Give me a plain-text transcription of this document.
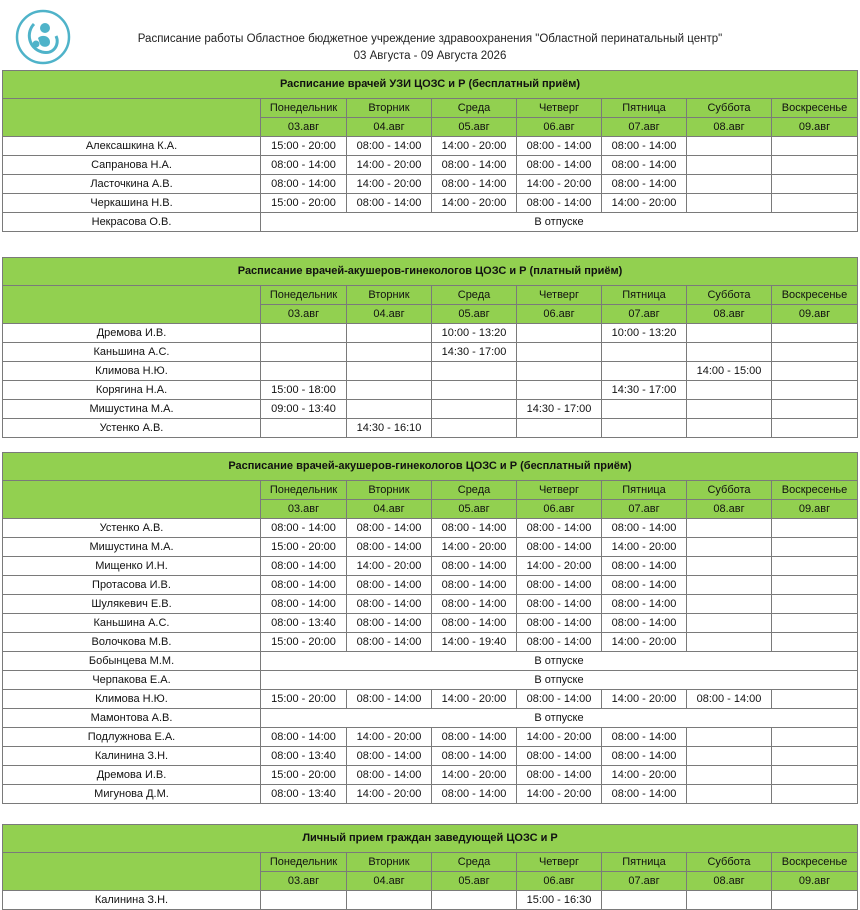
Расписание работы Областное бюджетное учреждение здравоохранения "Областной перинатальный центр"
03 Августа - 09 Августа 2026
Расписание врачей УЗИ ЦОЗС и Р (бесплатный приём)							
	Понедельник	Вторник	Среда	Четверг	Пятница	Суббота	Воскресенье
	03.авг	04.авг	05.авг	06.авг	07.авг	08.авг	09.авг
Алексашкина К.А.	15:00 - 20:00	08:00 - 14:00	14:00 - 20:00	08:00 - 14:00	08:00 - 14:00		
Сапранова Н.А.	08:00 - 14:00	14:00 - 20:00	08:00 - 14:00	08:00 - 14:00	08:00 - 14:00		
Ласточкина А.В.	08:00 - 14:00	14:00 - 20:00	08:00 - 14:00	14:00 - 20:00	08:00 - 14:00		
Черкашина Н.В.	15:00 - 20:00	08:00 - 14:00	14:00 - 20:00	08:00 - 14:00	14:00 - 20:00		
Некрасова О.В.	В отпуске						
Расписание врачей-акушеров-гинекологов ЦОЗС и Р (платный приём)							
	Понедельник	Вторник	Среда	Четверг	Пятница	Суббота	Воскресенье
	03.авг	04.авг	05.авг	06.авг	07.авг	08.авг	09.авг
Дремова И.В.			10:00 - 13:20		10:00 - 13:20		
Каньшина А.С.			14:30 - 17:00				
Климова Н.Ю.						14:00 - 15:00	
Корягина Н.А.	15:00 - 18:00				14:30 - 17:00		
Мишустина М.А.	09:00 - 13:40			14:30 - 17:00			
Устенко А.В.		14:30 - 16:10					
Расписание врачей-акушеров-гинекологов ЦОЗС и Р (бесплатный приём)							
	Понедельник	Вторник	Среда	Четверг	Пятница	Суббота	Воскресенье
	03.авг	04.авг	05.авг	06.авг	07.авг	08.авг	09.авг
Устенко А.В.	08:00 - 14:00	08:00 - 14:00	08:00 - 14:00	08:00 - 14:00	08:00 - 14:00		
Мишустина М.А.	15:00 - 20:00	08:00 - 14:00	14:00 - 20:00	08:00 - 14:00	14:00 - 20:00		
Мищенко И.Н.	08:00 - 14:00	14:00 - 20:00	08:00 - 14:00	14:00 - 20:00	08:00 - 14:00		
Протасова И.В.	08:00 - 14:00	08:00 - 14:00	08:00 - 14:00	08:00 - 14:00	08:00 - 14:00		
Шулякевич Е.В.	08:00 - 14:00	08:00 - 14:00	08:00 - 14:00	08:00 - 14:00	08:00 - 14:00		
Каньшина А.С.	08:00 - 13:40	08:00 - 14:00	08:00 - 14:00	08:00 - 14:00	08:00 - 14:00		
Волочкова М.В.	15:00 - 20:00	08:00 - 14:00	14:00 - 19:40	08:00 - 14:00	14:00 - 20:00		
Бобынцева М.М.	В отпуске						
Черпакова Е.А.	В отпуске						
Климова Н.Ю.	15:00 - 20:00	08:00 - 14:00	14:00 - 20:00	08:00 - 14:00	14:00 - 20:00	08:00 - 14:00	
Мамонтова А.В.	В отпуске						
Подлужнова Е.А.	08:00 - 14:00	14:00 - 20:00	08:00 - 14:00	14:00 - 20:00	08:00 - 14:00		
Калинина З.Н.	08:00 - 13:40	08:00 - 14:00	08:00 - 14:00	08:00 - 14:00	08:00 - 14:00		
Дремова И.В.	15:00 - 20:00	08:00 - 14:00	14:00 - 20:00	08:00 - 14:00	14:00 - 20:00		
Мигунова Д.М.	08:00 - 13:40	14:00 - 20:00	08:00 - 14:00	14:00 - 20:00	08:00 - 14:00		
Личный прием граждан заведующей ЦОЗС и Р							
	Понедельник	Вторник	Среда	Четверг	Пятница	Суббота	Воскресенье
	03.авг	04.авг	05.авг	06.авг	07.авг	08.авг	09.авг
Калинина З.Н.				15:00 - 16:30			
